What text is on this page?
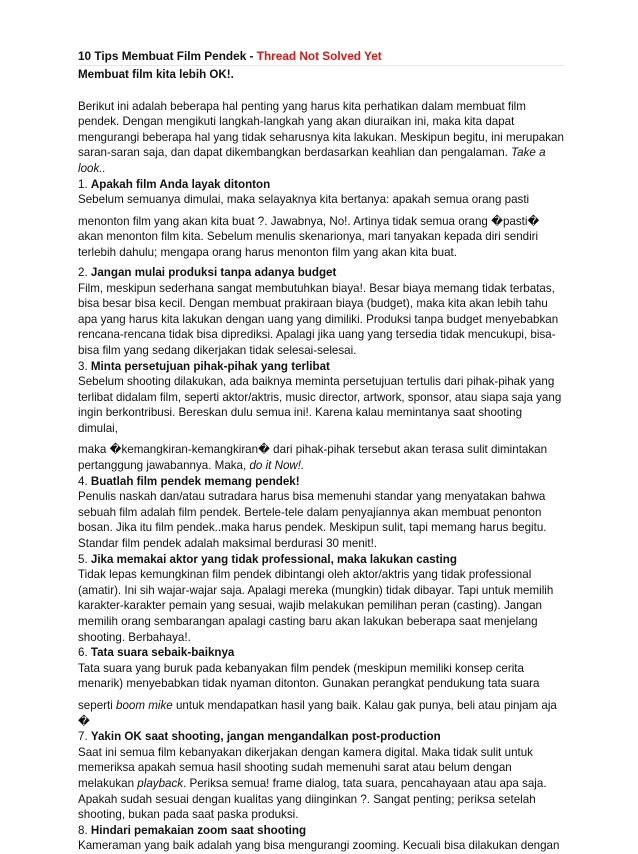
10 Tips Membuat Film Pendek - Thread Not Solved Yet
Membuat film kita lebih OK!.

Berikut ini adalah beberapa hal penting yang harus kita perhatikan dalam membuat film pendek. Dengan mengikuti langkah-langkah yang akan diuraikan ini, maka kita dapat mengurangi beberapa hal yang tidak seharusnya kita lakukan. Meskipun begitu, ini merupakan saran-saran saja, dan dapat dikembangkan berdasarkan keahlian dan pengalaman. Take a look..

1. Apakah film Anda layak ditonton

Sebelum semuanya dimulai, maka selayaknya kita bertanya: apakah semua orang pasti

menonton film yang akan kita buat ?. Jawabnya, No!. Artinya tidak semua orang �pasti� akan menonton film kita. Sebelum menulis skenarionya, mari tanyakan kepada diri sendiri terlebih dahulu; mengapa orang harus menonton film yang akan kita buat.

2. Jangan mulai produksi tanpa adanya budget

Film, meskipun sederhana sangat membutuhkan biaya!. Besar biaya memang tidak terbatas, bisa besar bisa kecil. Dengan membuat prakiraan biaya (budget), maka kita akan lebih tahu apa yang harus kita lakukan dengan uang yang dimiliki. Produksi tanpa budget menyebabkan rencana-rencana tidak bisa diprediksi. Apalagi jika uang yang tersedia tidak mencukupi, bisa-bisa film yang sedang dikerjakan tidak selesai-selesai.

3. Minta persetujuan pihak-pihak yang terlibat

Sebelum shooting dilakukan, ada baiknya meminta persetujuan tertulis dari pihak-pihak yang terlibat didalam film, seperti aktor/aktris, music director, artwork, sponsor, atau siapa saja yang ingin berkontribusi. Bereskan dulu semua ini!. Karena kalau memintanya saat shooting dimulai,

maka �kemangkiran-kemangkiran� dari pihak-pihak tersebut akan terasa sulit dimintakan pertanggung jawabannya. Maka, do it Now!.

4. Buatlah film pendek memang pendek!

Penulis naskah dan/atau sutradara harus bisa memenuhi standar yang menyatakan bahwa sebuah film adalah film pendek. Bertele-tele dalam penyajiannya akan membuat penonton bosan. Jika itu film pendek..maka harus pendek. Meskipun sulit, tapi memang harus begitu. Standar film pendek adalah maksimal berdurasi 30 menit!.

5. Jika memakai aktor yang tidak professional, maka lakukan casting

Tidak lepas kemungkinan film pendek dibintangi oleh aktor/aktris yang tidak professional (amatir). Ini sih wajar-wajar saja. Apalagi mereka (mungkin) tidak dibayar. Tapi untuk memilih karakter-karakter pemain yang sesuai, wajib melakukan pemilihan peran (casting). Jangan memilih orang sembarangan apalagi casting baru akan lakukan beberapa saat menjelang shooting. Berbahaya!.

6. Tata suara sebaik-baiknya

Tata suara yang buruk pada kebanyakan film pendek (meskipun memiliki konsep cerita menarik) menyebabkan tidak nyaman ditonton. Gunakan perangkat pendukung tata suara

seperti boom mike untuk mendapatkan hasil yang baik. Kalau gak punya, beli atau pinjam aja �

7. Yakin OK saat shooting, jangan mengandalkan post-production

Saat ini semua film kebanyakan dikerjakan dengan kamera digital. Maka tidak sulit untuk memeriksa apakah semua hasil shooting sudah memenuhi sarat atau belum dengan melakukan playback. Periksa semua! frame dialog, tata suara, pencahayaan atau apa saja. Apakah sudah sesuai dengan kualitas yang diinginkan ?. Sangat penting; periksa setelah shooting, bukan pada saat paska produksi.

8. Hindari pemakaian zoom saat shooting

Kameraman yang baik adalah yang bisa mengurangi zooming. Kecuali bisa dilakukan dengan
